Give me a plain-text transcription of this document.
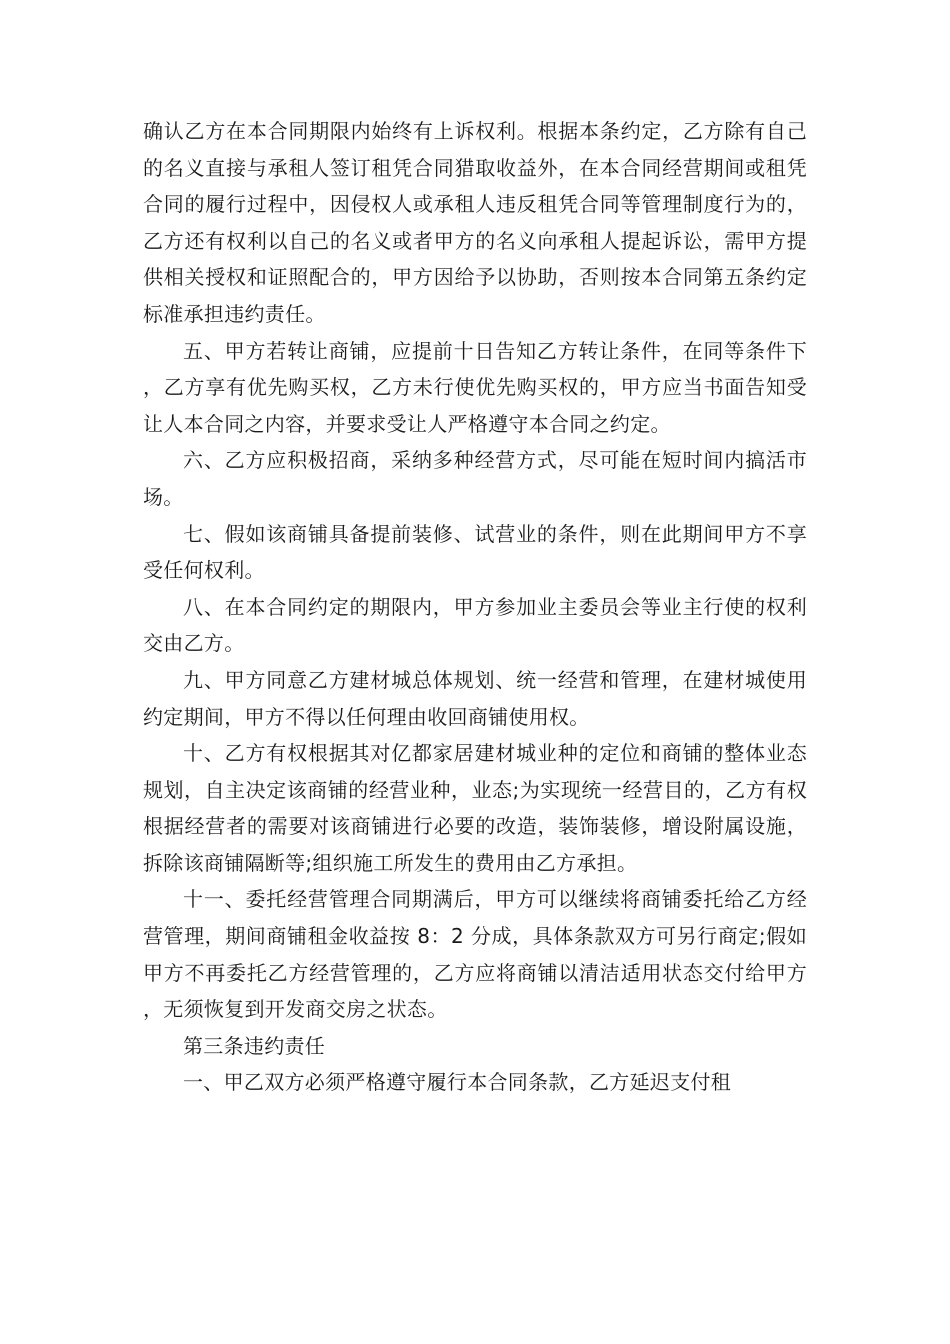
确认乙方在本合同期限内始终有上诉权利。根据本条约定，乙方除有自己的名义直接与承租人签订租凭合同猎取收益外，在本合同经营期间或租凭合同的履行过程中，因侵权人或承租人违反租凭合同等管理制度行为的，乙方还有权利以自己的名义或者甲方的名义向承租人提起诉讼，需甲方提供相关授权和证照配合的，甲方因给予以协助，否则按本合同第五条约定标准承担违约责任。

五、甲方若转让商铺，应提前十日告知乙方转让条件，在同等条件下，乙方享有优先购买权，乙方未行使优先购买权的，甲方应当书面告知受让人本合同之内容，并要求受让人严格遵守本合同之约定。

六、乙方应积极招商，采纳多种经营方式，尽可能在短时间内搞活市场。

七、假如该商铺具备提前装修、试营业的条件，则在此期间甲方不享受任何权利。

八、在本合同约定的期限内，甲方参加业主委员会等业主行使的权利交由乙方。

九、甲方同意乙方建材城总体规划、统一经营和管理，在建材城使用约定期间，甲方不得以任何理由收回商铺使用权。

十、乙方有权根据其对亿都家居建材城业种的定位和商铺的整体业态规划，自主决定该商铺的经营业种，业态;为实现统一经营目的，乙方有权根据经营者的需要对该商铺进行必要的改造，装饰装修，增设附属设施，拆除该商铺隔断等;组织施工所发生的费用由乙方承担。

十一、委托经营管理合同期满后，甲方可以继续将商铺委托给乙方经营管理，期间商铺租金收益按 8：2 分成，具体条款双方可另行商定;假如甲方不再委托乙方经营管理的，乙方应将商铺以清洁适用状态交付给甲方，无须恢复到开发商交房之状态。

第三条违约责任

一、甲乙双方必须严格遵守履行本合同条款，乙方延迟支付租
